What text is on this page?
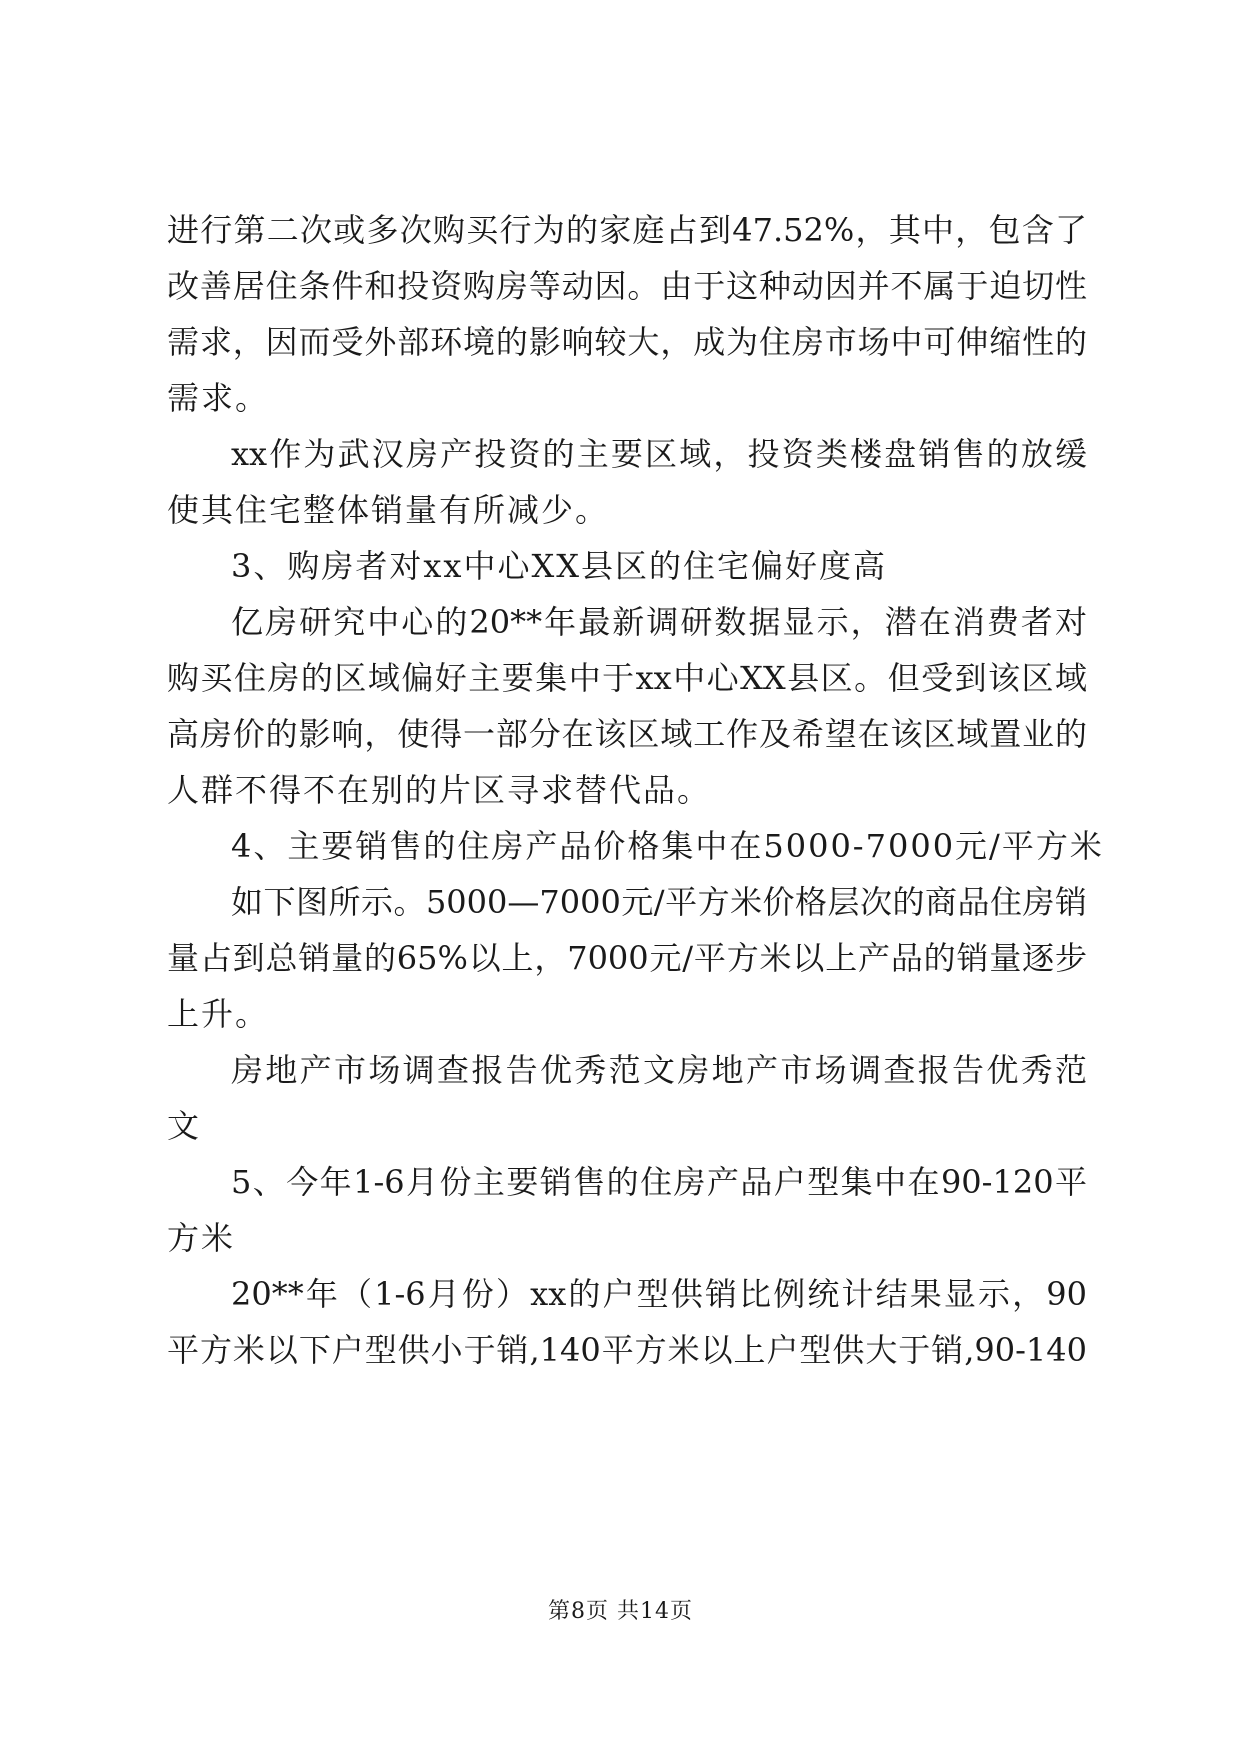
进行第二次或多次购买行为的家庭占到47.52%，其中，包含了
改善居住条件和投资购房等动因。由于这种动因并不属于迫切性
需求，因而受外部环境的影响较大，成为住房市场中可伸缩性的
需求。
xx作为武汉房产投资的主要区域，投资类楼盘销售的放缓
使其住宅整体销量有所减少。
3、购房者对xx中心XX县区的住宅偏好度高
亿房研究中心的20**年最新调研数据显示，潜在消费者对
购买住房的区域偏好主要集中于xx中心XX县区。但受到该区域
高房价的影响，使得一部分在该区域工作及希望在该区域置业的
人群不得不在别的片区寻求替代品。
4、主要销售的住房产品价格集中在5000-7000元/平方米
如下图所示。5000—7000元/平方米价格层次的商品住房销
量占到总销量的65%以上，7000元/平方米以上产品的销量逐步
上升。
房地产市场调查报告优秀范文房地产市场调查报告优秀范
文
5、今年1-6月份主要销售的住房产品户型集中在90-120平
方米
20**年（1-6月份）xx的户型供销比例统计结果显示，90
平方米以下户型供小于销,140平方米以上户型供大于销,90-140
第8页 共14页
